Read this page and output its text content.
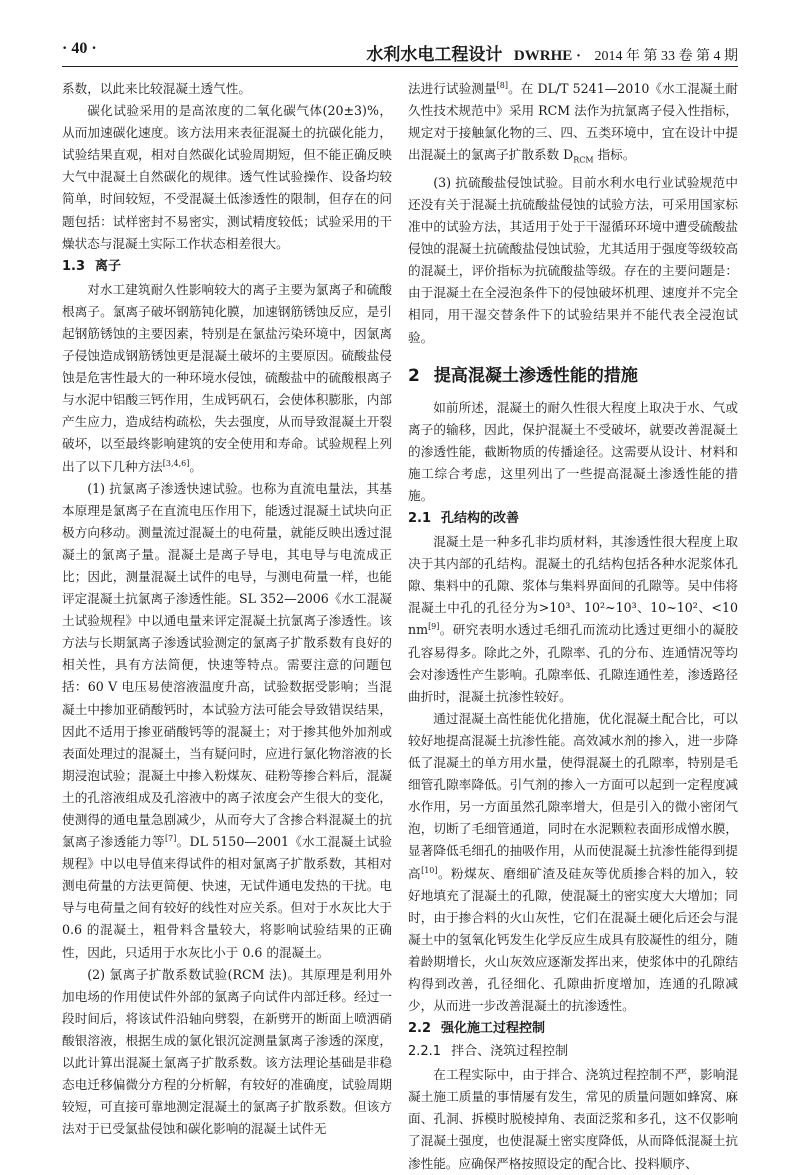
· 40 ·	水利水电工程设计 DWRHE · 2014 年 第 33 卷 第 4 期

系数，以此来比较混凝土透气性。

碳化试验采用的是高浓度的二氧化碳气体(20±3)%，从而加速碳化速度。该方法用来表征混凝土的抗碳化能力，试验结果直观，相对自然碳化试验周期短，但不能正确反映大气中混凝土自然碳化的规律。透气性试验操作、设备均较简单，时间较短，不受混凝土低渗透性的限制，但存在的问题包括：试样密封不易密实，测试精度较低；试验采用的干燥状态与混凝土实际工作状态相差很大。

1.3 离子

对水工建筑耐久性影响较大的离子主要为氯离子和硫酸根离子。氯离子破坏钢筋钝化膜，加速钢筋锈蚀反应，是引起钢筋锈蚀的主要因素，特别是在氯盐污染环境中，因氯离子侵蚀造成钢筋锈蚀更是混凝土破坏的主要原因。硫酸盐侵蚀是危害性最大的一种环境水侵蚀，硫酸盐中的硫酸根离子与水泥中铝酸三钙作用，生成钙矾石，会使体积膨胀，内部产生应力，造成结构疏松，失去强度，从而导致混凝土开裂破坏，以至最终影响建筑的安全使用和寿命。试验规程上列出了以下几种方法[3,4,6]。

(1) 抗氯离子渗透快速试验。也称为直流电量法，其基本原理是氯离子在直流电压作用下，能透过混凝土试块向正极方向移动。测量流过混凝土的电荷量，就能反映出透过混凝土的氯离子量。混凝土是离子导电，其电导与电流成正比；因此，测量混凝土试件的电导，与测电荷量一样，也能评定混凝土抗氯离子渗透性能。SL 352—2006《水工混凝土试验规程》中以通电量来评定混凝土抗氯离子渗透性。该方法与长期氯离子渗透试验测定的氯离子扩散系数有良好的相关性，具有方法简便，快速等特点。需要注意的问题包括：60 V 电压易使溶液温度升高，试验数据受影响；当混凝土中掺加亚硝酸钙时，本试验方法可能会导致错误结果，因此不适用于掺亚硝酸钙等的混凝土；对于掺其他外加剂或表面处理过的混凝土，当有疑问时，应进行氯化物溶液的长期浸泡试验；混凝土中掺入粉煤灰、硅粉等掺合料后，混凝土的孔溶液组成及孔溶液中的离子浓度会产生很大的变化，使测得的通电量急剧减少，从而夸大了含掺合料混凝土的抗氯离子渗透能力等[7]。DL 5150—2001《水工混凝土试验规程》中以电导值来得试件的相对氯离子扩散系数，其相对测电荷量的方法更简便、快速，无试件通电发热的干扰。电导与电荷量之间有较好的线性对应关系。但对于水灰比大于 0.6 的混凝土，粗骨料含量较大，将影响试验结果的正确性，因此，只适用于水灰比小于 0.6 的混凝土。

(2) 氯离子扩散系数试验(RCM 法)。其原理是利用外加电场的作用使试件外部的氯离子向试件内部迁移。经过一段时间后，将该试件沿轴向劈裂，在新劈开的断面上喷洒硝酸银溶液，根据生成的氯化银沉淀测量氯离子渗透的深度，以此计算出混凝土氯离子扩散系数。该方法理论基础是非稳态电迁移偏微分方程的分析解，有较好的准确度，试验周期较短，可直接可靠地测定混凝土的氯离子扩散系数。但该方法对于已受氯盐侵蚀和碳化影响的混凝土试件无

法进行试验测量[8]。在 DL/T 5241—2010《水工混凝土耐久性技术规范中》采用 RCM 法作为抗氯离子侵入性指标，规定对于接触氯化物的三、四、五类环境中，宜在设计中提出混凝土的氯离子扩散系数 $D_{RCM}$ 指标。

(3) 抗硫酸盐侵蚀试验。目前水利水电行业试验规范中还没有关于混凝土抗硫酸盐侵蚀的试验方法，可采用国家标准中的试验方法，其适用于处于干湿循环环境中遭受硫酸盐侵蚀的混凝土抗硫酸盐侵蚀试验，尤其适用于强度等级较高的混凝土，评价指标为抗硫酸盐等级。存在的主要问题是：由于混凝土在全浸泡条件下的侵蚀破坏机理、速度并不完全相同，用干湿交替条件下的试验结果并不能代表全浸泡试验。

2 提高混凝土渗透性能的措施

如前所述，混凝土的耐久性很大程度上取决于水、气或离子的输移，因此，保护混凝土不受破坏，就要改善混凝土的渗透性能，截断物质的传播途径。这需要从设计、材料和施工综合考虑，这里列出了一些提高混凝土渗透性能的措施。

2.1 孔结构的改善

混凝土是一种多孔非均质材料，其渗透性很大程度上取决于其内部的孔结构。混凝土的孔结构包括各种水泥浆体孔隙、集料中的孔隙、浆体与集料界面间的孔隙等。吴中伟将混凝土中孔的孔径分为>10³、10²~10³、10~10²、<10 nm[9]。研究表明水透过毛细孔而流动比透过更细小的凝胶孔容易得多。除此之外，孔隙率、孔的分布、连通情况等均会对渗透性产生影响。孔隙率低、孔隙连通性差，渗透路径曲折时，混凝土抗渗性较好。

通过混凝土高性能优化措施，优化混凝土配合比，可以较好地提高混凝土抗渗性能。高效减水剂的掺入，进一步降低了混凝土的单方用水量，使得混凝土的孔隙率，特别是毛细管孔隙率降低。引气剂的掺入一方面可以起到一定程度减水作用，另一方面虽然孔隙率增大，但是引入的微小密闭气泡，切断了毛细管通道，同时在水泥颗粒表面形成憎水膜，显著降低毛细孔的抽吸作用，从而使混凝土抗渗性能得到提高[10]。粉煤灰、磨细矿渣及硅灰等优质掺合料的加入，较好地填充了混凝土的孔隙，使混凝土的密实度大大增加；同时，由于掺合料的火山灰性，它们在混凝土硬化后还会与混凝土中的氢氧化钙发生化学反应生成具有胶凝性的组分，随着龄期增长，火山灰效应逐渐发挥出来，使浆体中的孔隙结构得到改善，孔径细化、孔隙曲折度增加，连通的孔隙减少，从而进一步改善混凝土的抗渗透性。

2.2 强化施工过程控制
2.2.1 拌合、浇筑过程控制

在工程实际中，由于拌合、浇筑过程控制不严，影响混凝土施工质量的事情屡有发生，常见的质量问题如蜂窝、麻面、孔洞、拆模时脱棱掉角、表面泛浆和多孔，这不仅影响了混凝土强度，也使混凝土密实度降低，从而降低混凝土抗渗性能。应确保严格按照设定的配合比、投料顺序、
